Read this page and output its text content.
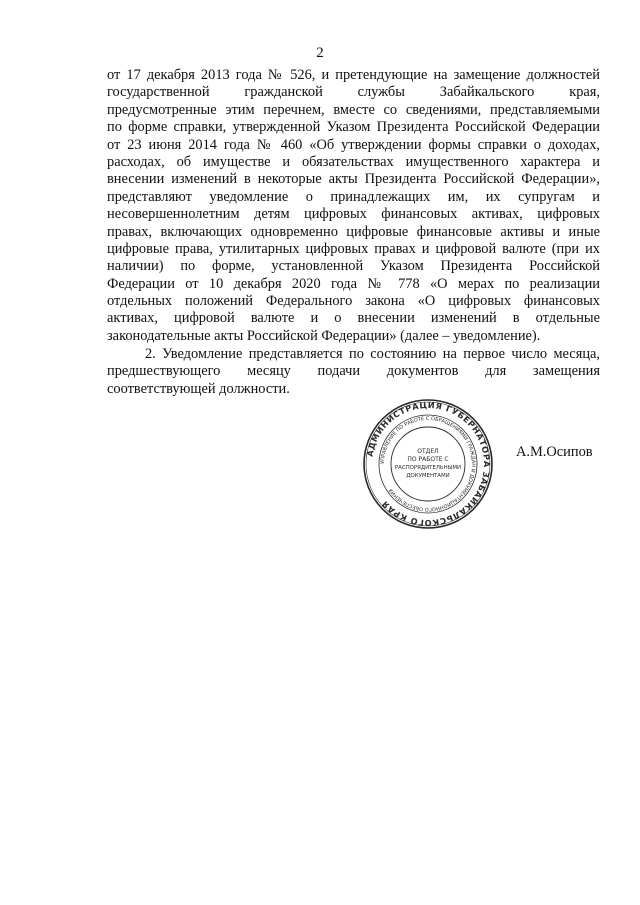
2
от 17 декабря 2013 года № 526, и претендующие на замещение должностей
государственной гражданской службы Забайкальского края,
предусмотренные этим перечнем, вместе со сведениями, представляемыми
по форме справки, утвержденной Указом Президента Российской Федерации
от 23 июня 2014 года № 460 «Об утверждении формы справки о доходах,
расходах, об имуществе и обязательствах имущественного характера и
внесении изменений в некоторые акты Президента Российской Федерации»,
представляют уведомление о принадлежащих им, их супругам и
несовершеннолетним детям цифровых финансовых активах, цифровых
правах, включающих одновременно цифровые финансовые активы и иные
цифровые права, утилитарных цифровых правах и цифровой валюте (при их
наличии) по форме, установленной Указом Президента Российской
Федерации от 10 декабря 2020 года № 778 «О мерах по реализации
отдельных положений Федерального закона «О цифровых финансовых
активах, цифровой валюте и о внесении изменений в отдельные
законодательные акты Российской Федерации» (далее – уведомление).
2. Уведомление представляется по состоянию на первое число месяца,
предшествующего месяцу подачи документов для замещения
соответствующей должности.
АДМИНИСТРАЦИЯ ГУБЕРНАТОРА ЗАБАЙКАЛЬСКОГО КРАЯ
УПРАВЛЕНИЕ ПО РАБОТЕ С ОБРАЩЕНИЯМИ ГРАЖДАН И ДОКУМЕНТАЦИОННОГО ОБЕСПЕЧЕНИЯ
ОТДЕЛ
ПО РАБОТЕ С
РАСПОРЯДИТЕЛЬНЫМИ
ДОКУМЕНТАМИ
А.М.Осипов
